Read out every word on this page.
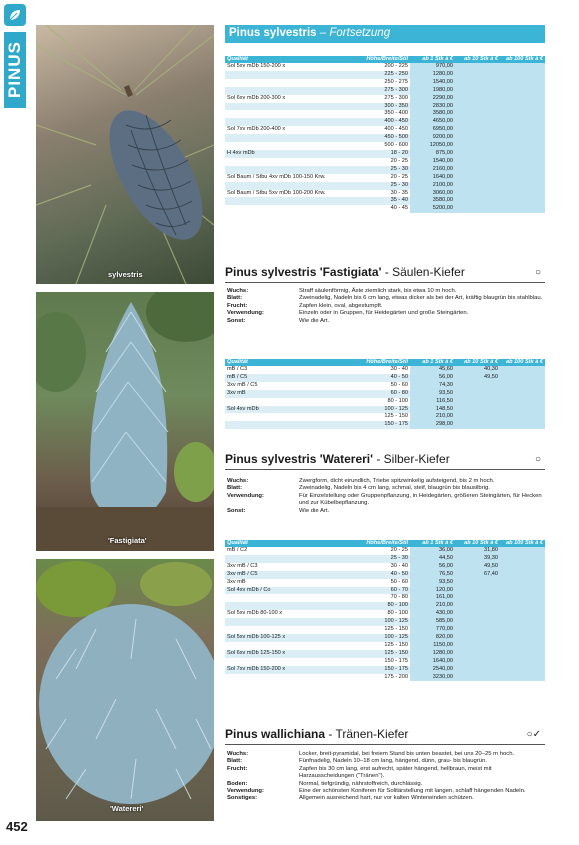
PINUS
452
sylvestris
'Fastigiata'
'Watereri'
Pinus sylvestris – Fortsetzung
Qualität	Höhe/Breite/Stil	ab 1 Stk à €	ab 10 Stk à €	ab 100 Stk à €
Sol 5xv mDb 150-200 x	200 - 225	970,00		
	225 - 250	1280,00		
	250 - 275	1540,00		
	275 - 300	1980,00		
Sol 6xv mDb 200-300 x	275 - 300	2290,00		
	300 - 350	2830,00		
	350 - 400	3580,00		
	400 - 450	4650,00		
Sol 7xv mDb 200-400 x	400 - 450	6950,00		
	450 - 500	9200,00		
	500 - 600	12050,00		
H 4xv mDb	18 - 20	875,00		
	20 - 25	1540,00		
	25 - 30	2160,00		
Sol Baum / Stbu 4xv mDb 100-150 Krw.	20 - 25	1640,00		
	25 - 30	2100,00		
Sol Baum / Stbu 5xv mDb 100-200 Krw.	30 - 35	3060,00		
	35 - 40	3580,00		
	40 - 45	5200,00		
Pinus sylvestris 'Fastigiata' - Säulen-Kiefer	○
Wuchs:	Straff säulenförmig, Äste ziemlich stark, bis etwa 10 m hoch.
Blatt:	Zweinadelig, Nadeln bis 6 cm lang, etwas dicker als bei der Art, kräftig blaugrün bis stahlblau.
Frucht:	Zapfen klein, oval, abgestumpft.
Verwendung:	Einzeln oder in Gruppen, für Heidegärten und große Steingärten.
Sonst:	Wie die Art.
Qualität	Höhe/Breite/Stil	ab 1 Stk à €	ab 10 Stk à €	ab 100 Stk à €
mB / C3	30 - 40	45,60	40,30	
mB / C5	40 - 50	56,00	49,50	
3xv mB / C5	50 - 60	74,30		
3xv mB	60 - 80	93,50		
	80 - 100	116,50		
Sol 4xv mDb	100 - 125	148,50		
	125 - 150	210,00		
	150 - 175	298,00		
Pinus sylvestris 'Watereri' - Silber-Kiefer	○
Wuchs:	Zwergform, dicht eirundlich, Triebe spitzwinkelig aufsteigend, bis 2 m hoch.
Blatt:	Zweinadelig, Nadeln bis 4 cm lang, schmal, steif, blaugrün bis blausilbrig.
Verwendung:	Für Einzelstellung oder Gruppenpflanzung, in Heidegärten, größeren Steingärten, für Hecken und zur Kübelbepflanzung.
Sonst:	Wie die Art.
Qualität	Höhe/Breite/Stil	ab 1 Stk à €	ab 10 Stk à €	ab 100 Stk à €
mB / C2	20 - 25	36,00	31,80	
	25 - 30	44,50	39,30	
3xv mB / C3	30 - 40	56,00	49,50	
3xv mB / C5	40 - 50	76,50	67,40	
3xv mB	50 - 60	93,50		
Sol 4xv mDb / Co	60 - 70	120,00		
	70 - 80	161,00		
	80 - 100	210,00		
Sol 5xv mDb 80-100 x	80 - 100	430,00		
	100 - 125	585,00		
	125 - 150	770,00		
Sol 5xv mDb 100-125 x	100 - 125	820,00		
	125 - 150	1150,00		
Sol 6xv mDb 125-150 x	125 - 150	1280,00		
	150 - 175	1640,00		
Sol 7xv mDb 150-200 x	150 - 175	2540,00		
	175 - 200	3230,00		
Pinus wallichiana - Tränen-Kiefer	○✓
Wuchs:	Locker, breit-pyramidal, bei freiem Stand bis unten beastet, bei uns 20–25 m hoch.
Blatt:	Fünfnadelig, Nadeln 10–18 cm lang, hängend, dünn, grau- bis blaugrün.
Frucht:	Zapfen bis 30 cm lang, erst aufrecht, später hängend, hellbraun, meist mit Harzausscheidungen ("Tränen").
Boden:	Normal, tiefgründig, nährstoffreich, durchlässig.
Verwendung:	Eine der schönsten Koniferen für Solitärstellung mit langen, schlaff hängenden Nadeln.
Sonstiges:	Allgemein ausreichend hart, nur vor kalten Winterwinden schützen.
